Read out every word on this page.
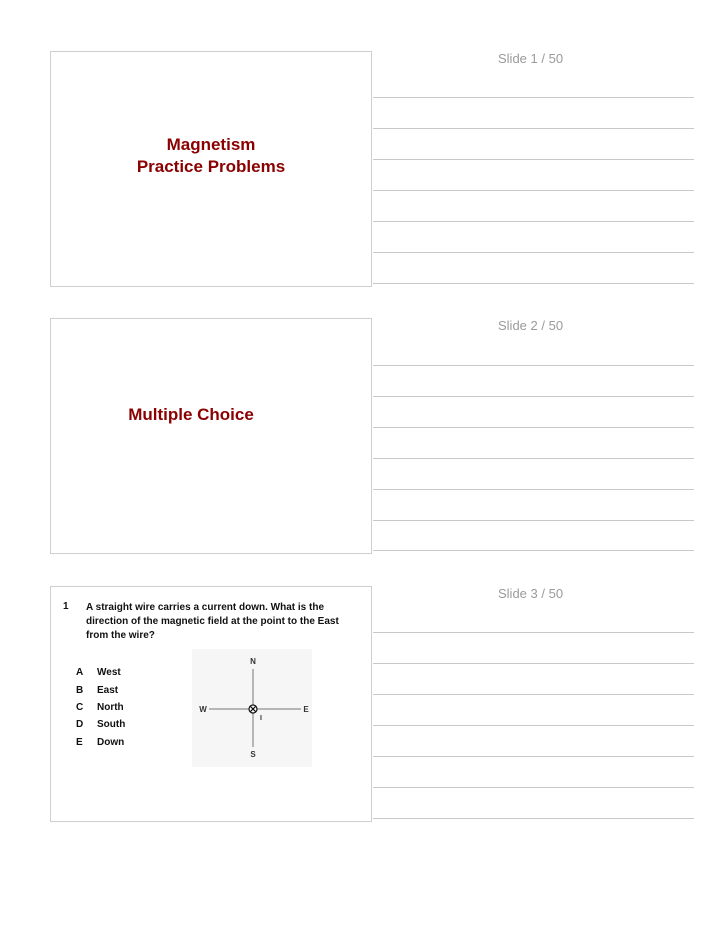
Slide 1 / 50
Magnetism
Practice Problems
Slide 2 / 50
Multiple Choice
Slide 3 / 50
1 A straight wire carries a current down. What is the direction of the magnetic field at the point to the East from the wire?
A West
B East
C North
D South
E Down
N
S
W	E
I
